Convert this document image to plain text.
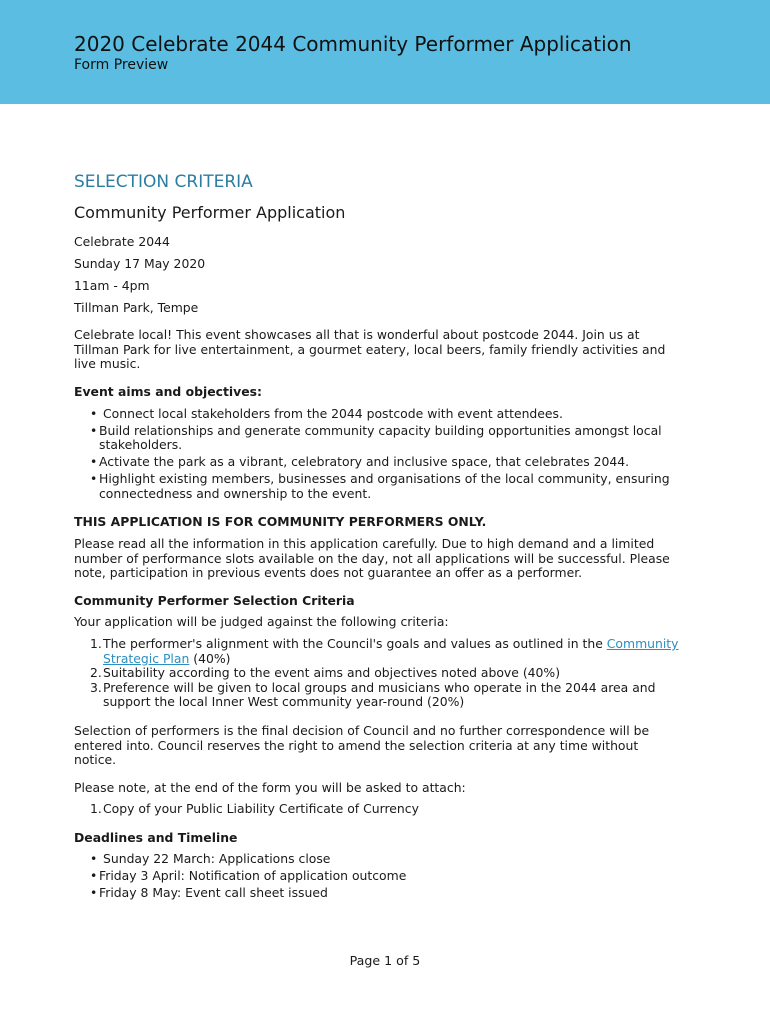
2020 Celebrate 2044 Community Performer Application
Form Preview
SELECTION CRITERIA
Community Performer Application
Celebrate 2044
Sunday 17 May 2020
11am - 4pm
Tillman Park, Tempe

Celebrate local! This event showcases all that is wonderful about postcode 2044. Join us at Tillman Park for live entertainment, a gourmet eatery, local beers, family friendly activities and live music.

Event aims and objectives:
• Connect local stakeholders from the 2044 postcode with event attendees.
• Build relationships and generate community capacity building opportunities amongst local stakeholders.
• Activate the park as a vibrant, celebratory and inclusive space, that celebrates 2044.
• Highlight existing members, businesses and organisations of the local community, ensuring connectedness and ownership to the event.
THIS APPLICATION IS FOR COMMUNITY PERFORMERS ONLY.

Please read all the information in this application carefully. Due to high demand and a limited number of performance slots available on the day, not all applications will be successful. Please note, participation in previous events does not guarantee an offer as a performer.

Community Performer Selection Criteria
Your application will be judged against the following criteria:
1. The performer's alignment with the Council's goals and values as outlined in the Community Strategic Plan (40%)
2. Suitability according to the event aims and objectives noted above (40%)
3. Preference will be given to local groups and musicians who operate in the 2044 area and support the local Inner West community year-round (20%)

Selection of performers is the final decision of Council and no further correspondence will be entered into. Council reserves the right to amend the selection criteria at any time without notice.

Please note, at the end of the form you will be asked to attach:
1. Copy of your Public Liability Certificate of Currency
Deadlines and Timeline
• Sunday 22 March: Applications close
• Friday 3 April: Notification of application outcome
• Friday 8 May: Event call sheet issued
Page 1 of 5
